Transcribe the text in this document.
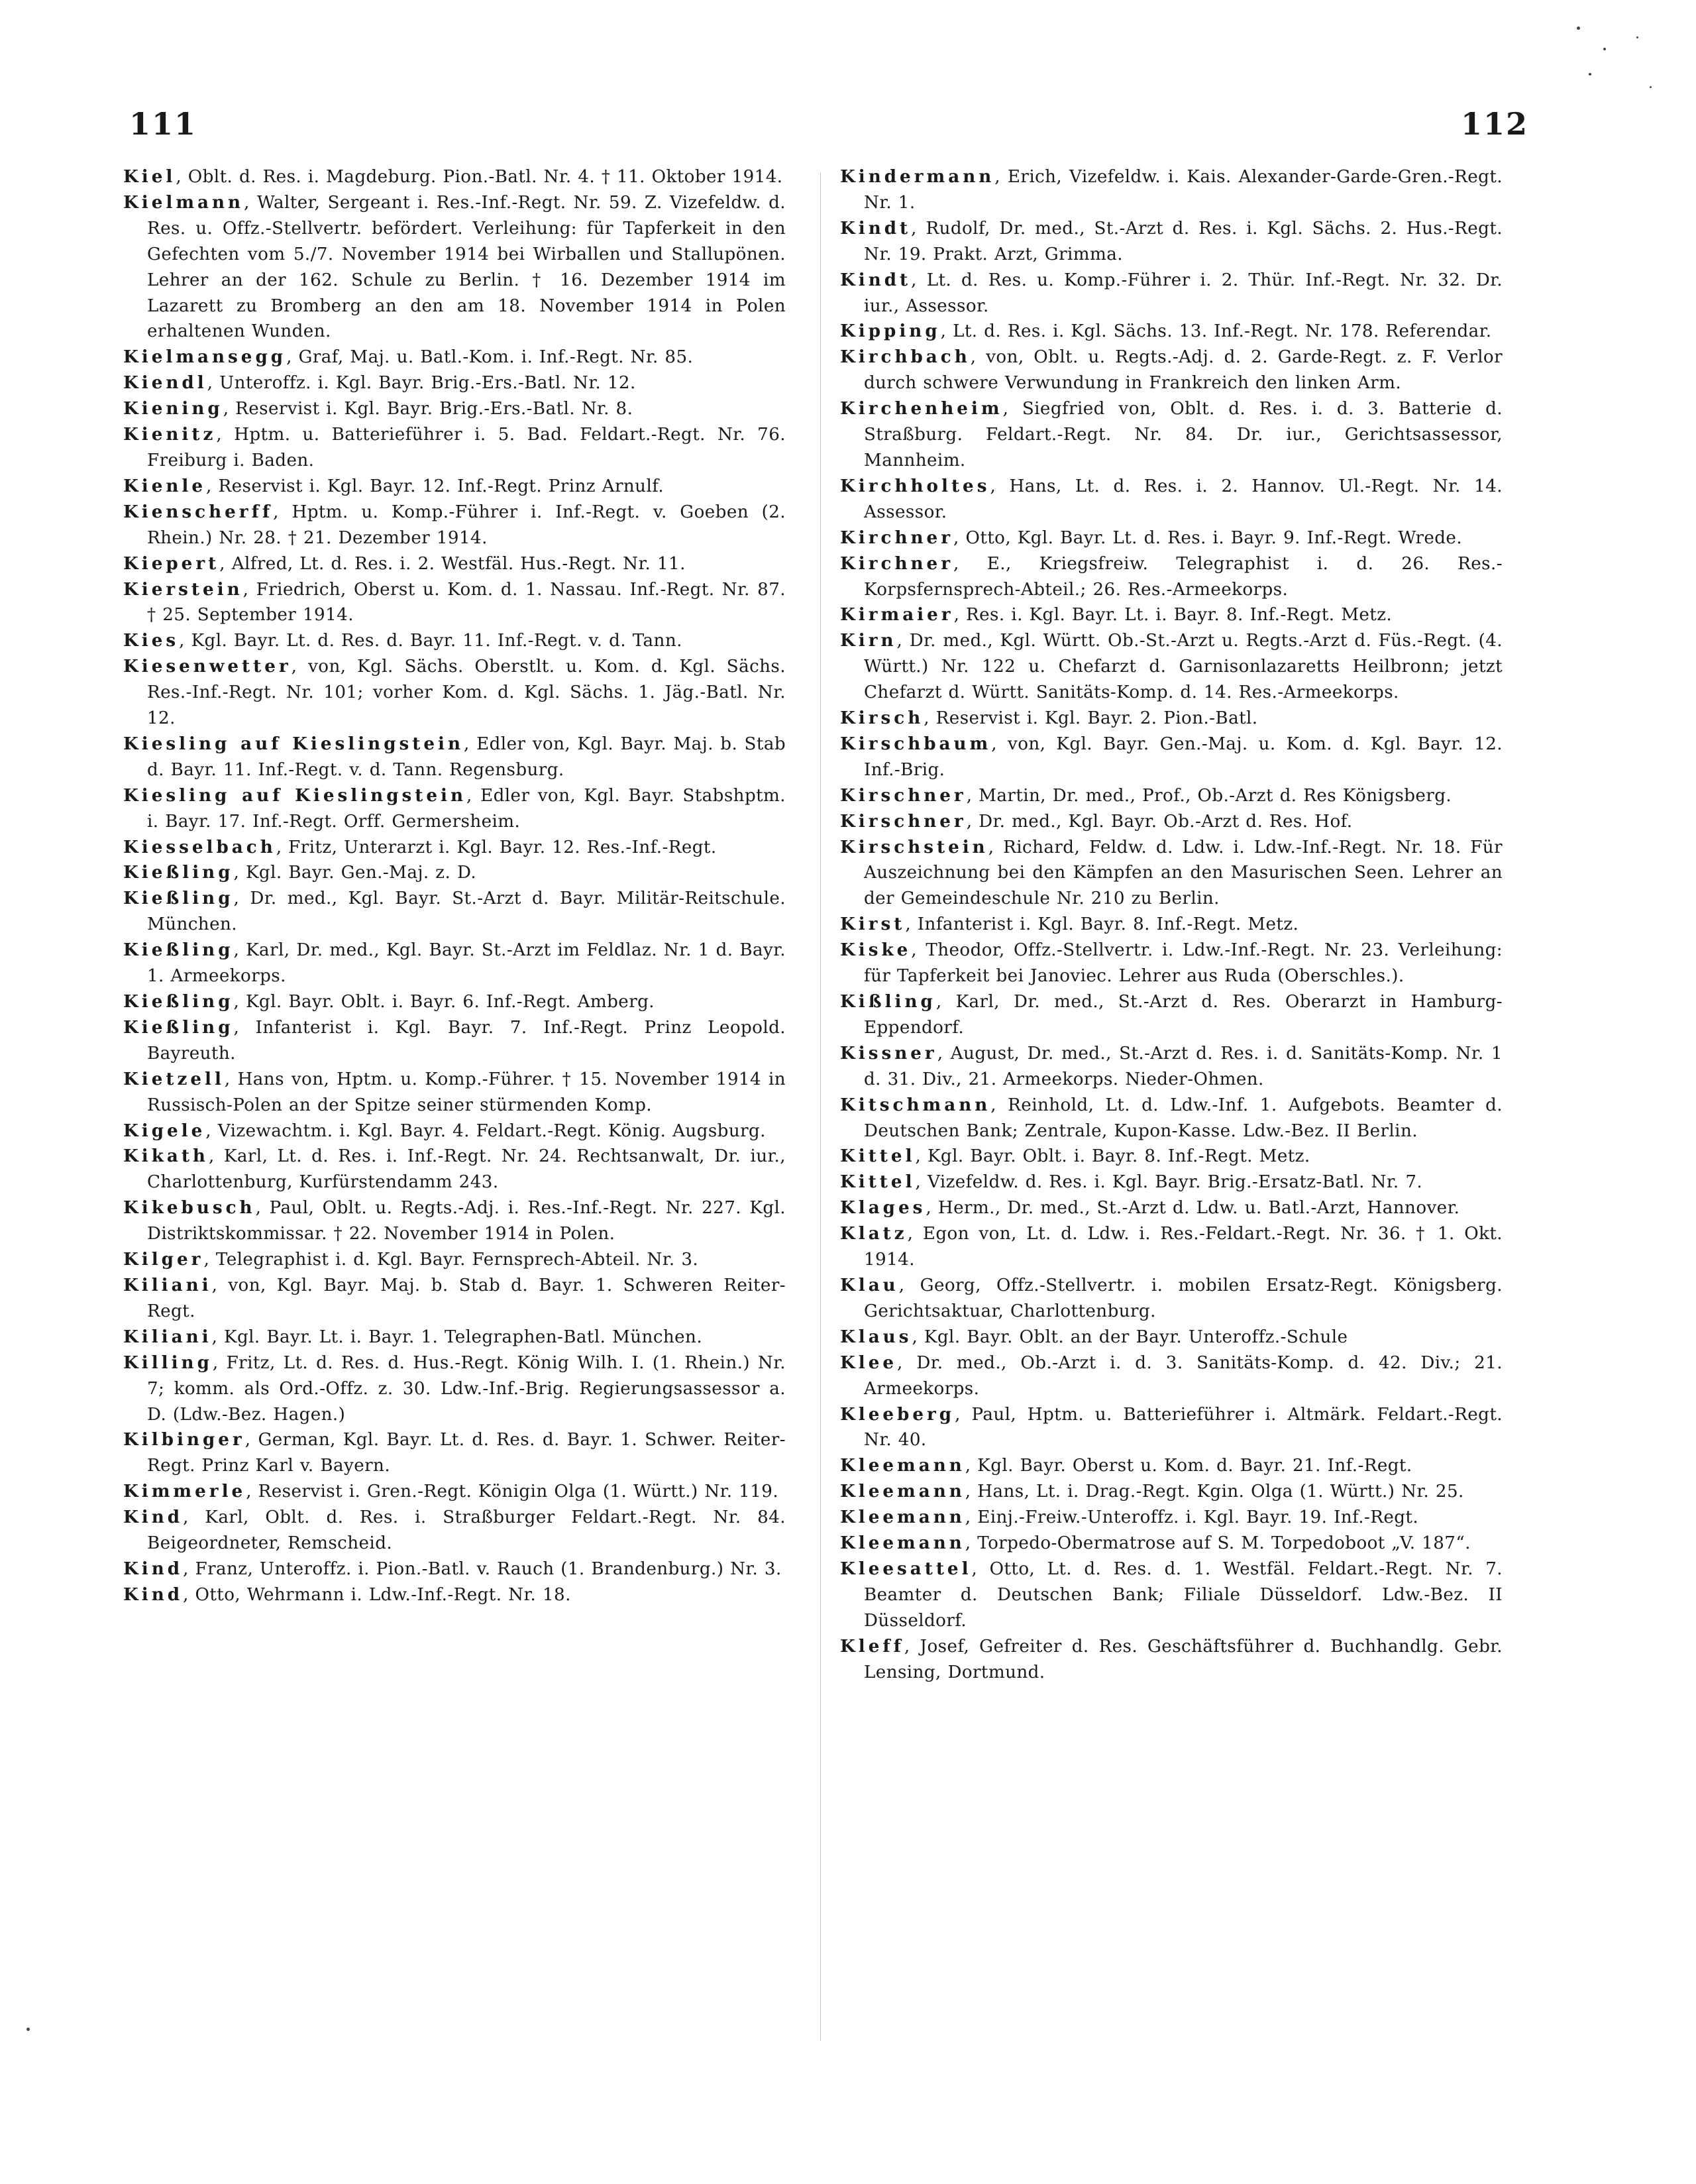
111	112

Kiel, Oblt. d. Res. i. Magdeburg. Pion.-Batl. Nr. 4. † 11. Oktober 1914.

Kielmann, Walter, Sergeant i. Res.-Inf.-Regt. Nr. 59. Z. Vizefeldw. d. Res. u. Offz.-Stellvertr. befördert. Verleihung: für Tapferkeit in den Gefechten vom 5./7. November 1914 bei Wirballen und Stallupönen. Lehrer an der 162. Schule zu Berlin. † 16. Dezember 1914 im Lazarett zu Bromberg an den am 18. November 1914 in Polen erhaltenen Wunden.

Kielmansegg, Graf, Maj. u. Batl.-Kom. i. Inf.-Regt. Nr. 85.

Kiendl, Unteroffz. i. Kgl. Bayr. Brig.-Ers.-Batl. Nr. 12.

Kiening, Reservist i. Kgl. Bayr. Brig.-Ers.-Batl. Nr. 8.

Kienitz, Hptm. u. Batterieführer i. 5. Bad. Feldart.-Regt. Nr. 76. Freiburg i. Baden.

Kienle, Reservist i. Kgl. Bayr. 12. Inf.-Regt. Prinz Arnulf.

Kienscherff, Hptm. u. Komp.-Führer i. Inf.-Regt. v. Goeben (2. Rhein.) Nr. 28. † 21. Dezember 1914.

Kiepert, Alfred, Lt. d. Res. i. 2. Westfäl. Hus.-Regt. Nr. 11.

Kierstein, Friedrich, Oberst u. Kom. d. 1. Nassau. Inf.-Regt. Nr. 87. † 25. September 1914.

Kies, Kgl. Bayr. Lt. d. Res. d. Bayr. 11. Inf.-Regt. v. d. Tann.

Kiesenwetter, von, Kgl. Sächs. Oberstlt. u. Kom. d. Kgl. Sächs. Res.-Inf.-Regt. Nr. 101; vorher Kom. d. Kgl. Sächs. 1. Jäg.-Batl. Nr. 12.

Kiesling auf Kieslingstein, Edler von, Kgl. Bayr. Maj. b. Stab d. Bayr. 11. Inf.-Regt. v. d. Tann. Regensburg.

Kiesling auf Kieslingstein, Edler von, Kgl. Bayr. Stabshptm. i. Bayr. 17. Inf.-Regt. Orff. Germersheim.

Kiesselbach, Fritz, Unterarzt i. Kgl. Bayr. 12. Res.-Inf.-Regt.

Kießling, Kgl. Bayr. Gen.-Maj. z. D.

Kießling, Dr. med., Kgl. Bayr. St.-Arzt d. Bayr. Militär-Reitschule. München.

Kießling, Karl, Dr. med., Kgl. Bayr. St.-Arzt im Feldlaz. Nr. 1 d. Bayr. 1. Armeekorps.

Kießling, Kgl. Bayr. Oblt. i. Bayr. 6. Inf.-Regt. Amberg.

Kießling, Infanterist i. Kgl. Bayr. 7. Inf.-Regt. Prinz Leopold. Bayreuth.

Kietzell, Hans von, Hptm. u. Komp.-Führer. † 15. November 1914 in Russisch-Polen an der Spitze seiner stürmenden Komp.

Kigele, Vizewachtm. i. Kgl. Bayr. 4. Feldart.-Regt. König. Augsburg.

Kikath, Karl, Lt. d. Res. i. Inf.-Regt. Nr. 24. Rechtsanwalt, Dr. iur., Charlottenburg, Kurfürstendamm 243.

Kikebusch, Paul, Oblt. u. Regts.-Adj. i. Res.-Inf.-Regt. Nr. 227. Kgl. Distriktskommissar. † 22. November 1914 in Polen.

Kilger, Telegraphist i. d. Kgl. Bayr. Fernsprech-Abteil. Nr. 3.

Kiliani, von, Kgl. Bayr. Maj. b. Stab d. Bayr. 1. Schweren Reiter-Regt.

Kiliani, Kgl. Bayr. Lt. i. Bayr. 1. Telegraphen-Batl. München.

Killing, Fritz, Lt. d. Res. d. Hus.-Regt. König Wilh. I. (1. Rhein.) Nr. 7; komm. als Ord.-Offz. z. 30. Ldw.-Inf.-Brig. Regierungsassessor a. D. (Ldw.-Bez. Hagen.)

Kilbinger, German, Kgl. Bayr. Lt. d. Res. d. Bayr. 1. Schwer. Reiter-Regt. Prinz Karl v. Bayern.

Kimmerle, Reservist i. Gren.-Regt. Königin Olga (1. Württ.) Nr. 119.

Kind, Karl, Oblt. d. Res. i. Straßburger Feldart.-Regt. Nr. 84. Beigeordneter, Remscheid.

Kind, Franz, Unteroffz. i. Pion.-Batl. v. Rauch (1. Brandenburg.) Nr. 3.

Kind, Otto, Wehrmann i. Ldw.-Inf.-Regt. Nr. 18.

Kindermann, Erich, Vizefeldw. i. Kais. Alexander-Garde-Gren.-Regt. Nr. 1.

Kindt, Rudolf, Dr. med., St.-Arzt d. Res. i. Kgl. Sächs. 2. Hus.-Regt. Nr. 19. Prakt. Arzt, Grimma.

Kindt, Lt. d. Res. u. Komp.-Führer i. 2. Thür. Inf.-Regt. Nr. 32. Dr. iur., Assessor.

Kipping, Lt. d. Res. i. Kgl. Sächs. 13. Inf.-Regt. Nr. 178. Referendar.

Kirchbach, von, Oblt. u. Regts.-Adj. d. 2. Garde-Regt. z. F. Verlor durch schwere Verwundung in Frankreich den linken Arm.

Kirchenheim, Siegfried von, Oblt. d. Res. i. d. 3. Batterie d. Straßburg. Feldart.-Regt. Nr. 84. Dr. iur., Gerichtsassessor, Mannheim.

Kirchholtes, Hans, Lt. d. Res. i. 2. Hannov. Ul.-Regt. Nr. 14. Assessor.

Kirchner, Otto, Kgl. Bayr. Lt. d. Res. i. Bayr. 9. Inf.-Regt. Wrede.

Kirchner, E., Kriegsfreiw. Telegraphist i. d. 26. Res.-Korpsfernsprech-Abteil.; 26. Res.-Armeekorps.

Kirmaier, Res. i. Kgl. Bayr. Lt. i. Bayr. 8. Inf.-Regt. Metz.

Kirn, Dr. med., Kgl. Württ. Ob.-St.-Arzt u. Regts.-Arzt d. Füs.-Regt. (4. Württ.) Nr. 122 u. Chefarzt d. Garnisonlazaretts Heilbronn; jetzt Chefarzt d. Württ. Sanitäts-Komp. d. 14. Res.-Armeekorps.

Kirsch, Reservist i. Kgl. Bayr. 2. Pion.-Batl.

Kirschbaum, von, Kgl. Bayr. Gen.-Maj. u. Kom. d. Kgl. Bayr. 12. Inf.-Brig.

Kirschner, Martin, Dr. med., Prof., Ob.-Arzt d. Res Königsberg.

Kirschner, Dr. med., Kgl. Bayr. Ob.-Arzt d. Res. Hof.

Kirschstein, Richard, Feldw. d. Ldw. i. Ldw.-Inf.-Regt. Nr. 18. Für Auszeichnung bei den Kämpfen an den Masurischen Seen. Lehrer an der Gemeindeschule Nr. 210 zu Berlin.

Kirst, Infanterist i. Kgl. Bayr. 8. Inf.-Regt. Metz.

Kiske, Theodor, Offz.-Stellvertr. i. Ldw.-Inf.-Regt. Nr. 23. Verleihung: für Tapferkeit bei Janoviec. Lehrer aus Ruda (Oberschles.).

Kißling, Karl, Dr. med., St.-Arzt d. Res. Oberarzt in Hamburg-Eppendorf.

Kissner, August, Dr. med., St.-Arzt d. Res. i. d. Sanitäts-Komp. Nr. 1 d. 31. Div., 21. Armeekorps. Nieder-Ohmen.

Kitschmann, Reinhold, Lt. d. Ldw.-Inf. 1. Aufgebots. Beamter d. Deutschen Bank; Zentrale, Kupon-Kasse. Ldw.-Bez. II Berlin.

Kittel, Kgl. Bayr. Oblt. i. Bayr. 8. Inf.-Regt. Metz.

Kittel, Vizefeldw. d. Res. i. Kgl. Bayr. Brig.-Ersatz-Batl. Nr. 7.

Klages, Herm., Dr. med., St.-Arzt d. Ldw. u. Batl.-Arzt, Hannover.

Klatz, Egon von, Lt. d. Ldw. i. Res.-Feldart.-Regt. Nr. 36. † 1. Okt. 1914.

Klau, Georg, Offz.-Stellvertr. i. mobilen Ersatz-Regt. Königsberg. Gerichtsaktuar, Charlottenburg.

Klaus, Kgl. Bayr. Oblt. an der Bayr. Unteroffz.-Schule

Klee, Dr. med., Ob.-Arzt i. d. 3. Sanitäts-Komp. d. 42. Div.; 21. Armeekorps.

Kleeberg, Paul, Hptm. u. Batterieführer i. Altmärk. Feldart.-Regt. Nr. 40.

Kleemann, Kgl. Bayr. Oberst u. Kom. d. Bayr. 21. Inf.-Regt.

Kleemann, Hans, Lt. i. Drag.-Regt. Kgin. Olga (1. Württ.) Nr. 25.

Kleemann, Einj.-Freiw.-Unteroffz. i. Kgl. Bayr. 19. Inf.-Regt.

Kleemann, Torpedo-Obermatrose auf S. M. Torpedoboot „V. 187“.

Kleesattel, Otto, Lt. d. Res. d. 1. Westfäl. Feldart.-Regt. Nr. 7. Beamter d. Deutschen Bank; Filiale Düsseldorf. Ldw.-Bez. II Düsseldorf.

Kleff, Josef, Gefreiter d. Res. Geschäftsführer d. Buchhandlg. Gebr. Lensing, Dortmund.
